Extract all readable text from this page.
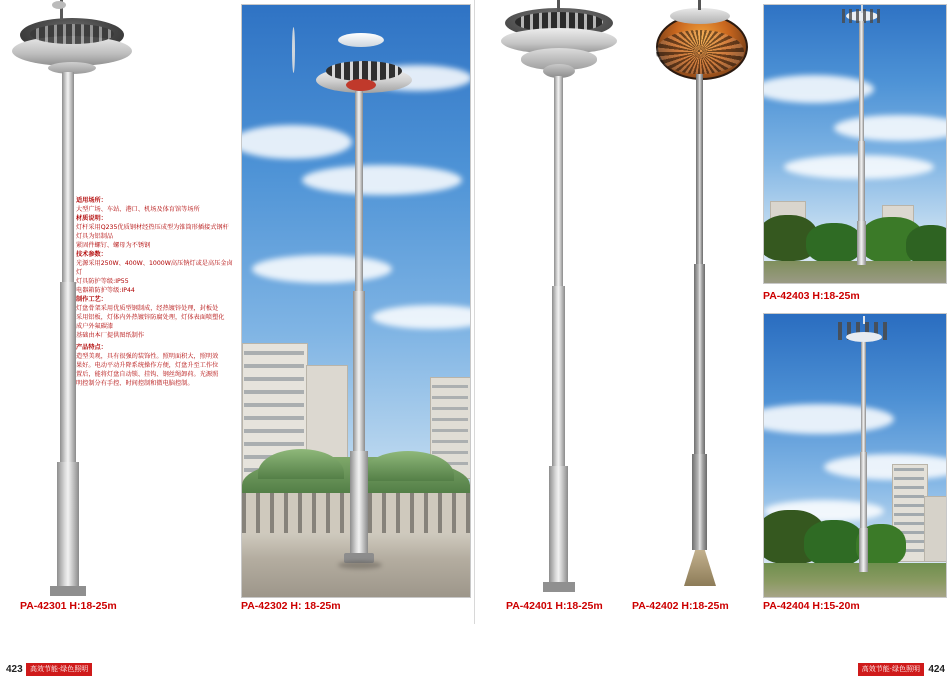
适用场所：

大型广场、车站、港口、机场及体育馆等场所

材质说明：

灯杆采用Q235优质钢材经热压成型为锥筒形插接式钢杆

灯具为铝制品

紧固件螺钉、螺母为不锈钢

技术参数：

光源采用250W、400W、1000W高压钠灯或是高压金卤灯

灯具防护等级:IP55

电器箱防护等级:IP44

制作工艺：

灯盘骨架采用优质型钢制成，经热镀锌处理，封板处

采用铝板，灯体内外热镀锌防腐处理，灯体表面喷塑化

成户外氟碳漆

基础由本厂提供图纸制作

产品特点：

造型美观，具有很强的装饰性。照明面积大，照明效

果好。电动平动升降系统操作方便，灯盘升至工作位

置后，能将灯盘自动锁、挂钩、钢丝绳卸荷。光源照

明控制分有手控、时间控制和微电脑控制。

PA-42301 H:18-25m	PA-42302 H: 18-25m	PA-42401 H:18-25m	PA-42402 H:18-25m
PA-42403 H:18-25m
PA-42404 H:15-20m
423	高效节能·绿色照明	高效节能·绿色照明 424
